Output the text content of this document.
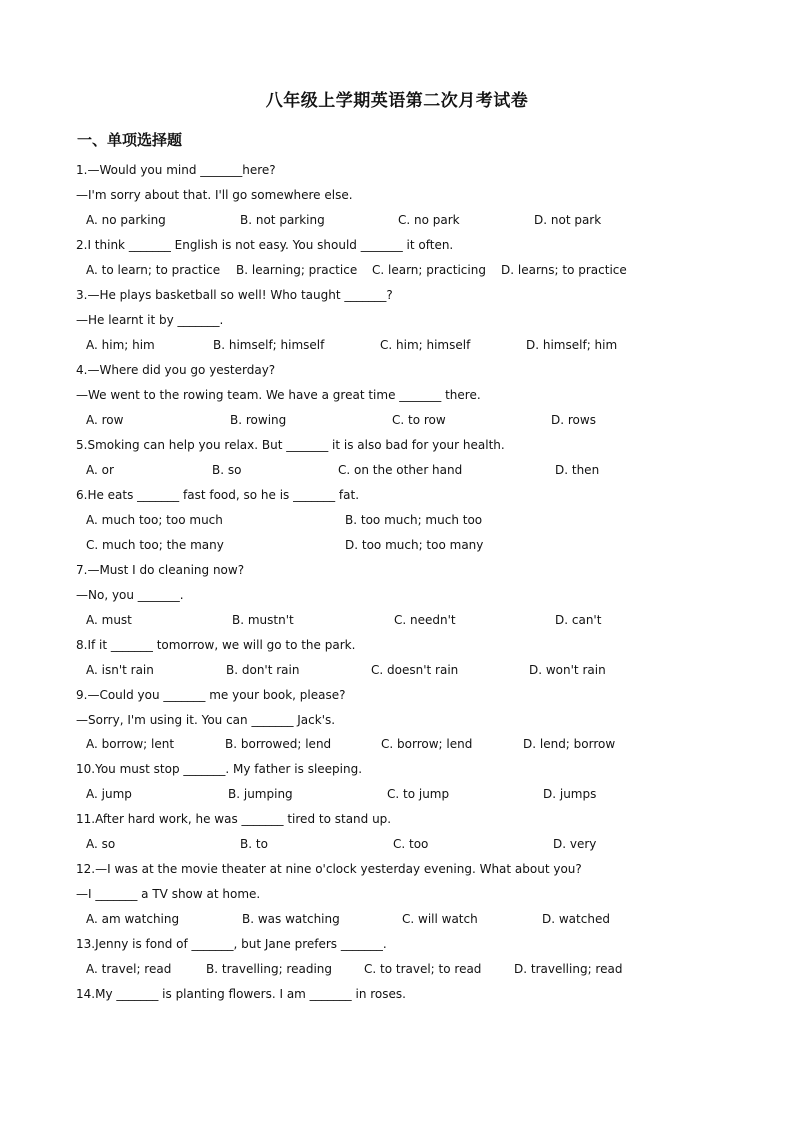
八年级上学期英语第二次月考试卷
一、单项选择题
1.—Would you mind _______here?
—I'm sorry about that. I'll go somewhere else.
A. no parking	B. not parking	C. no park	D. not park
2.I think _______ English is not easy. You should _______ it often.
A. to learn; to practice B. learning; practice C. learn; practicing D. learns; to practice
3.—He plays basketball so well! Who taught _______?
—He learnt it by _______.
A. him; him	B. himself; himself	C. him; himself	D. himself; him
4.—Where did you go yesterday?
—We went to the rowing team. We have a great time _______ there.
A. row	B. rowing	C. to row	D. rows
5.Smoking can help you relax. But _______ it is also bad for your health.
A. or	B. so	C. on the other hand	D. then
6.He eats _______ fast food, so he is _______ fat.
A. much too; too much	B. too much; much too
C. much too; the many	D. too much; too many
7.—Must I do cleaning now?
—No, you _______.
A. must	B. mustn't	C. needn't	D. can't
8.If it _______ tomorrow, we will go to the park.
A. isn't rain	B. don't rain	C. doesn't rain	D. won't rain
9.—Could you _______ me your book, please?
—Sorry, I'm using it. You can _______ Jack's.
A. borrow; lent	B. borrowed; lend	C. borrow; lend	D. lend; borrow
10.You must stop _______. My father is sleeping.
A. jump	B. jumping	C. to jump	D. jumps
11.After hard work, he was _______ tired to stand up.
A. so	B. to	C. too	D. very
12.—I was at the movie theater at nine o'clock yesterday evening. What about you?
—I _______ a TV show at home.
A. am watching	B. was watching	C. will watch	D. watched
13.Jenny is fond of _______, but Jane prefers _______.
A. travel; read	B. travelling; reading	C. to travel; to read	D. travelling; read
14.My _______ is planting flowers. I am _______ in roses.
